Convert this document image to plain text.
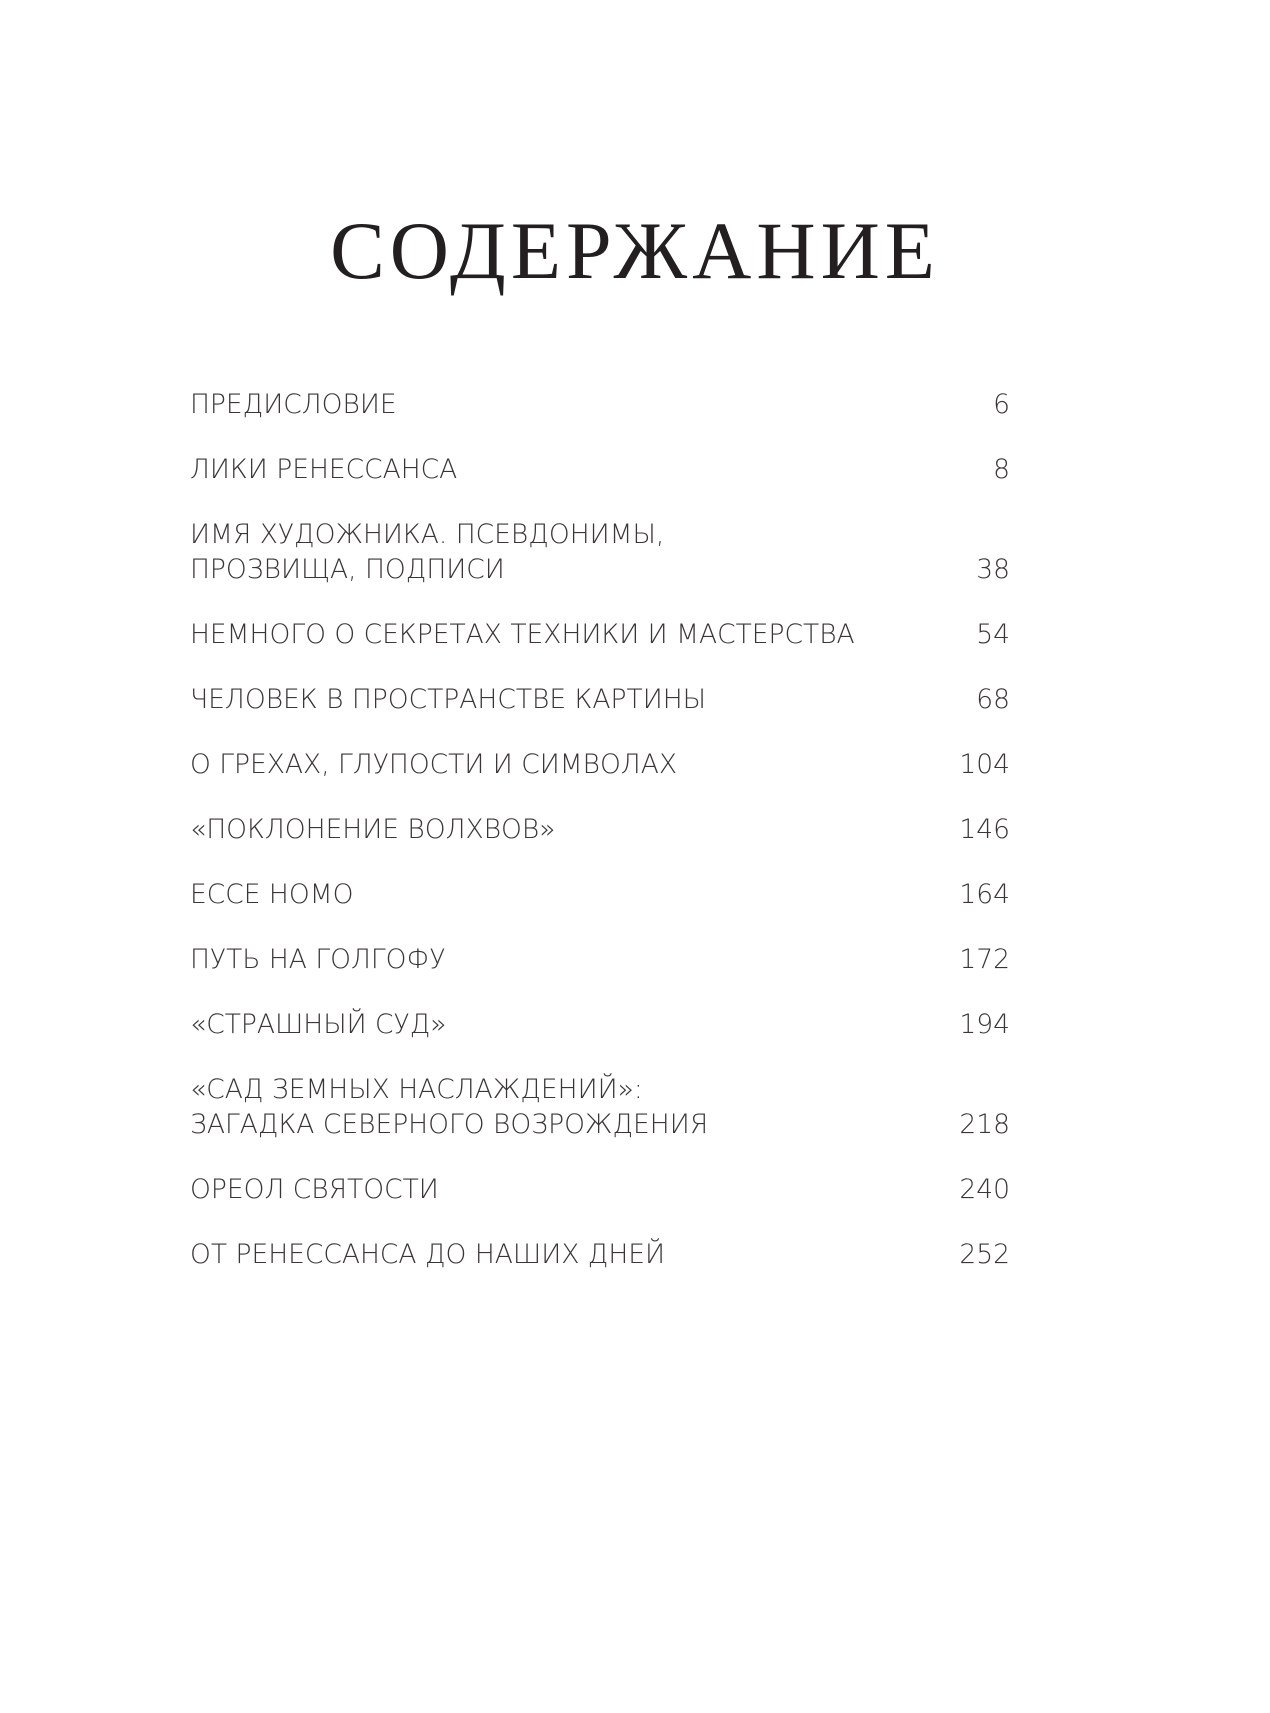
СОДЕРЖАНИЕ
ПРЕДИСЛОВИЕ	6
ЛИКИ РЕНЕССАНСА	8
ИМЯ ХУДОЖНИКА. ПСЕВДОНИМЫ,
ПРОЗВИЩА, ПОДПИСИ	38
НЕМНОГО О СЕКРЕТАХ ТЕХНИКИ И МАСТЕРСТВА	54
ЧЕЛОВЕК В ПРОСТРАНСТВЕ КАРТИНЫ	68
О ГРЕХАХ, ГЛУПОСТИ И СИМВОЛАХ	104
«ПОКЛОНЕНИЕ ВОЛХВОВ»	146
ECCE HOMO	164
ПУТЬ НА ГОЛГОФУ	172
«СТРАШНЫЙ СУД»	194
«САД ЗЕМНЫХ НАСЛАЖДЕНИЙ»:
ЗАГАДКА СЕВЕРНОГО ВОЗРОЖДЕНИЯ	218
ОРЕОЛ СВЯТОСТИ	240
ОТ РЕНЕССАНСА ДО НАШИХ ДНЕЙ	252
